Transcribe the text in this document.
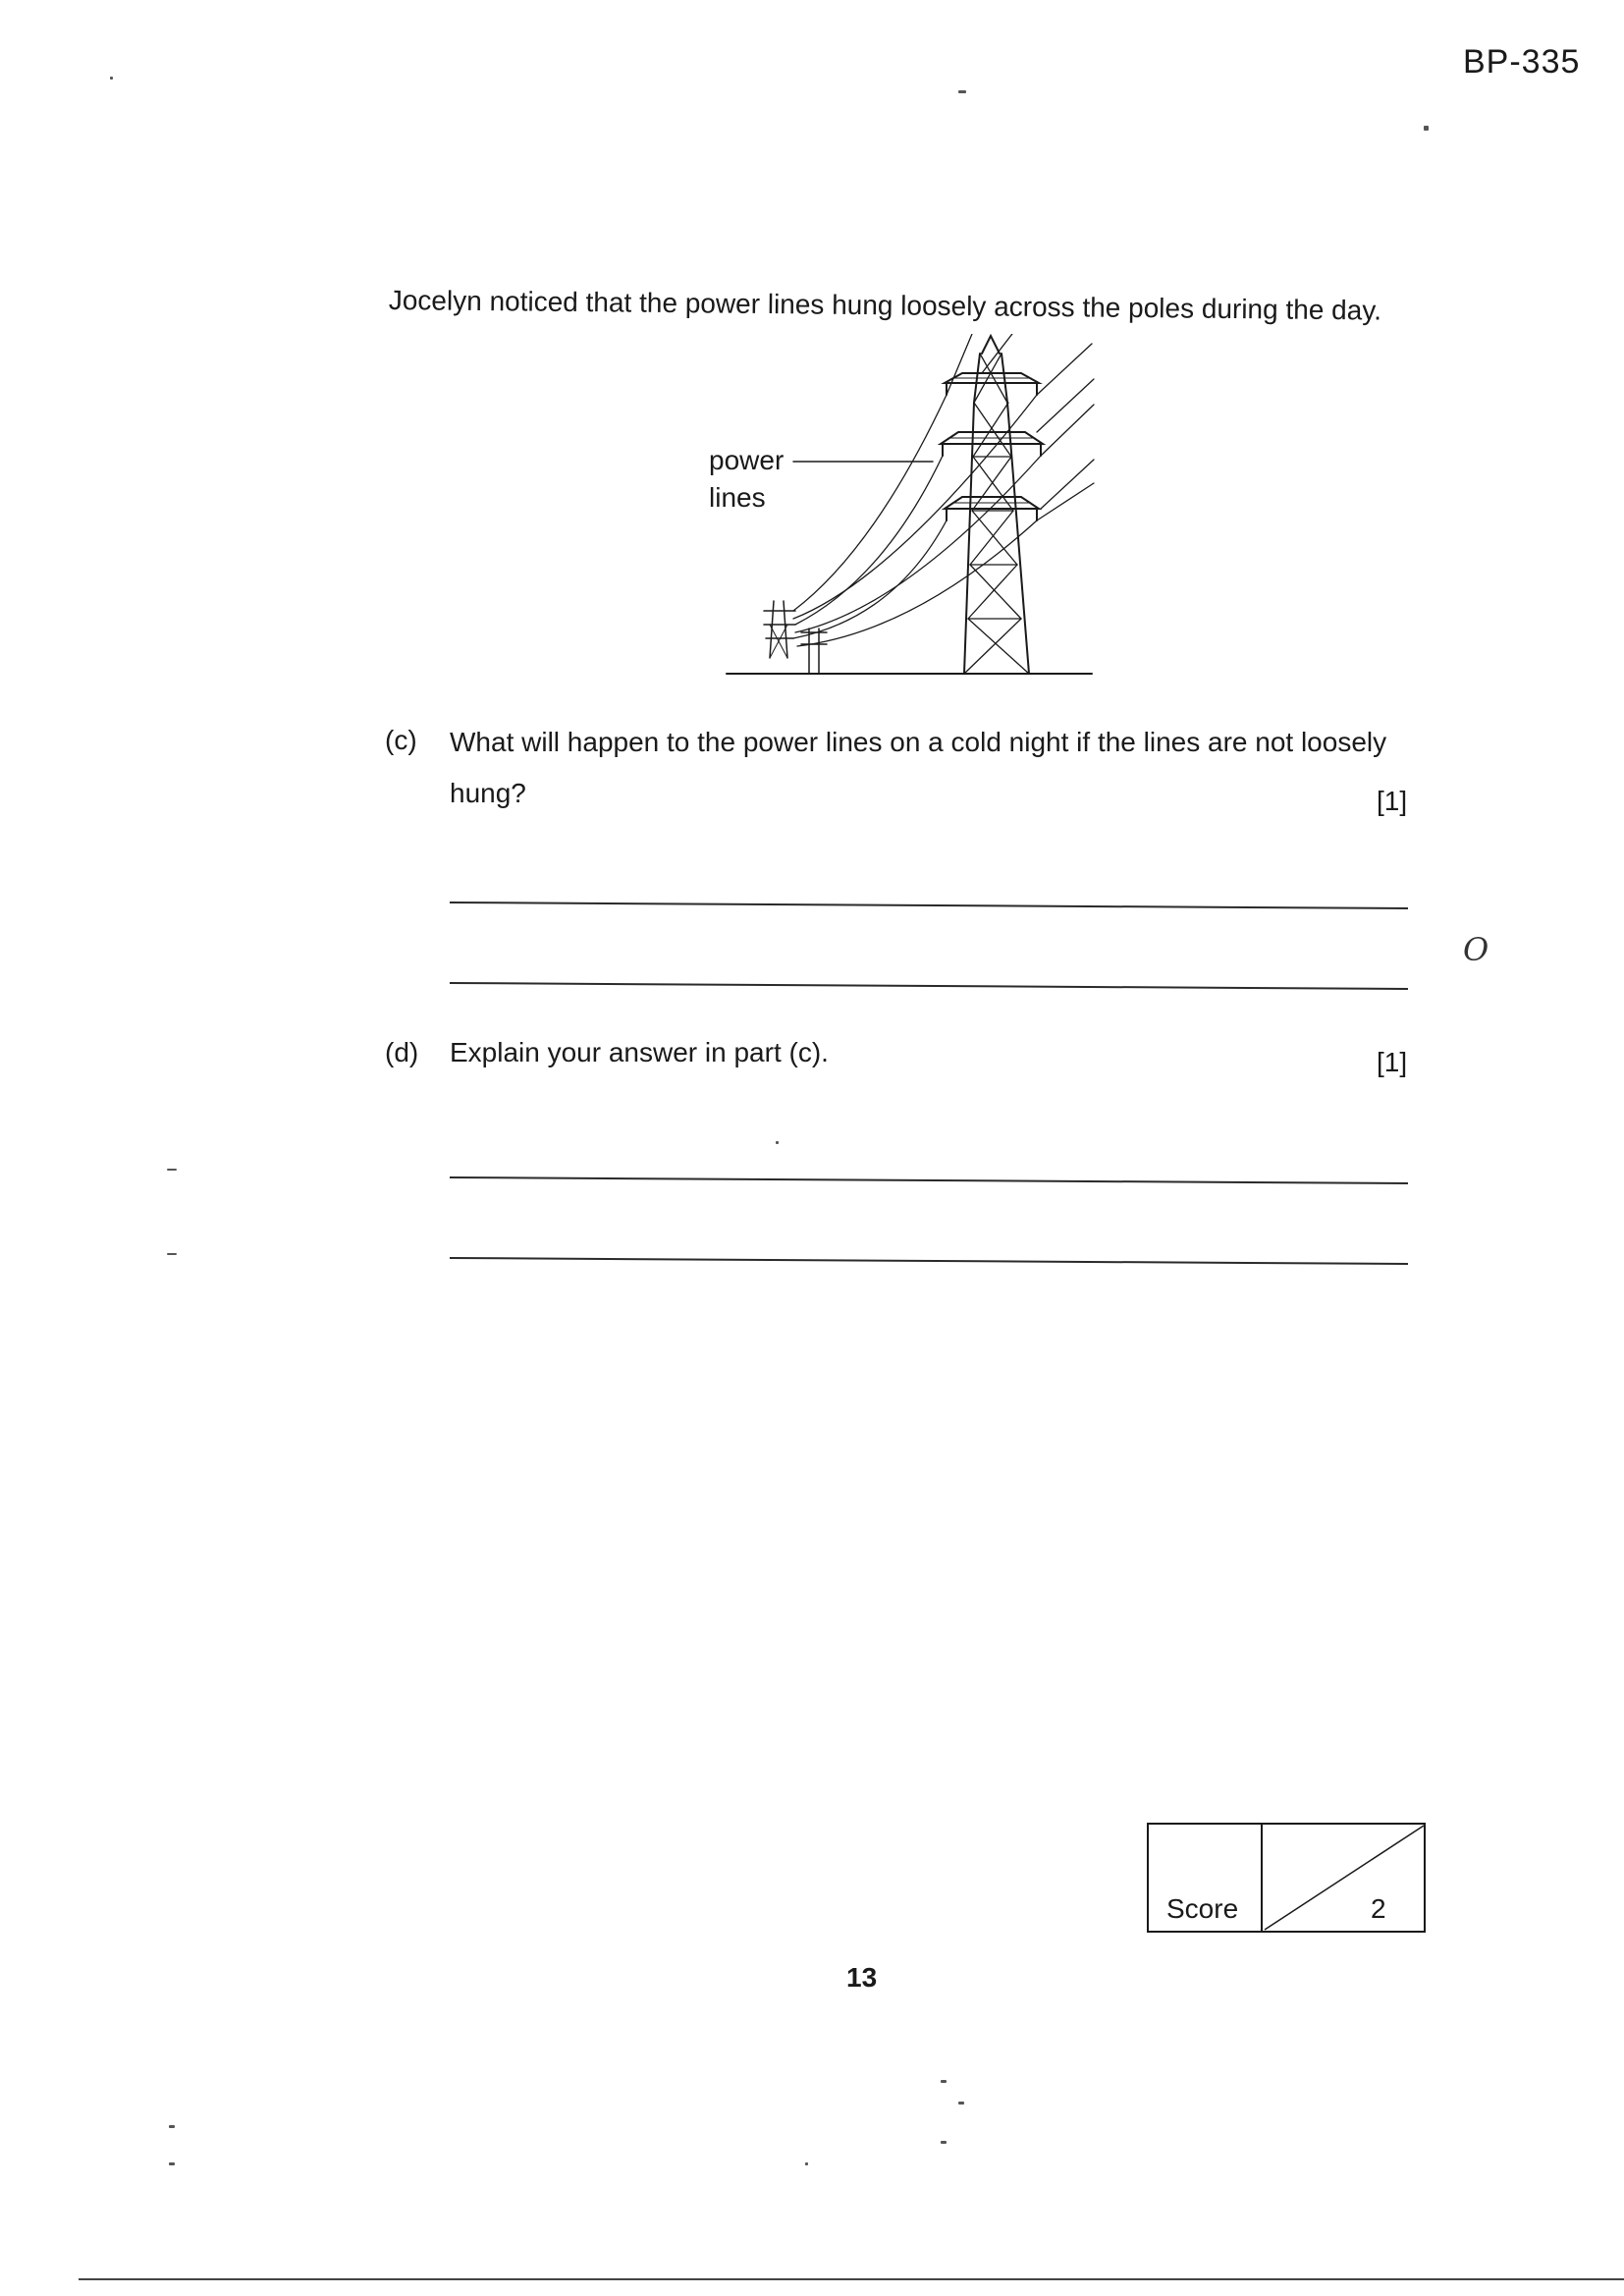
BP-335
Jocelyn noticed that the power lines hung loosely across the poles during the day.
power
lines
(c) What will happen to the power lines on a cold night if the lines are not loosely
hung?	[1]
O
(d) Explain your answer in part (c).	[1]
Score	2
13
